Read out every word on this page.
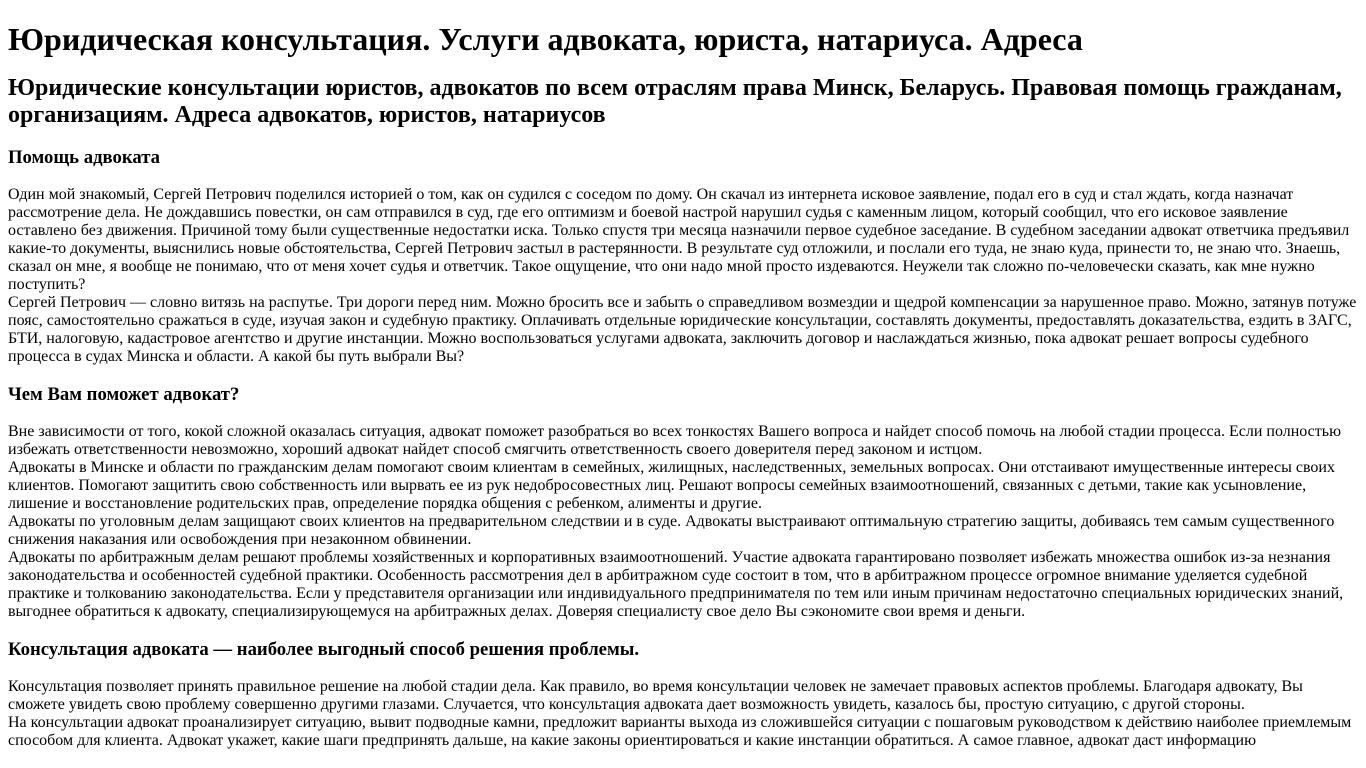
Юридическая консультация. Услуги адвоката, юриста, натариуса. Адреса
Юридические консультации юристов, адвокатов по всем отраслям права Минск, Беларусь. Правовая помощь гражданам, организациям. Адреса адвокатов, юристов, натариусов
Помощь адвоката

Один мой знакомый, Сергей Петрович поделился историей о том, как он судился с соседом по дому. Он скачал из интернета исковое заявление, подал его в суд и стал ждать, когда назначат рассмотрение дела. Не дождавшись повестки, он сам отправился в суд, где его оптимизм и боевой настрой нарушил судья с каменным лицом, который сообщил, что его исковое заявление оставлено без движения. Причиной тому были существенные недостатки иска. Только спустя три месяца назначили первое судебное заседание. В судебном заседании адвокат ответчика предъявил какие-то документы, выяснились новые обстоятельства, Сергей Петрович застыл в растерянности. В результате суд отложили, и послали его туда, не знаю куда, принести то, не знаю что. Знаешь, сказал он мне, я вообще не понимаю, что от меня хочет судья и ответчик. Такое ощущение, что они надо мной просто издеваются. Неужели так сложно по-человечески сказать, как мне нужно поступить?

Сергей Петрович — словно витязь на распутье. Три дороги перед ним. Можно бросить все и забыть о справедливом возмездии и щедрой компенсации за нарушенное право. Можно, затянув потуже пояс, самостоятельно сражаться в суде, изучая закон и судебную практику. Оплачивать отдельные юридические консультации, составлять документы, предоставлять доказательства, ездить в ЗАГС, БТИ, налоговую, кадастровое агентство и другие инстанции. Можно воспользоваться услугами адвоката, заключить договор и наслаждаться жизнью, пока адвокат решает вопросы судебного процесса в судах Минска и области. А какой бы путь выбрали Вы?

Чем Вам поможет адвокат?

Вне зависимости от того, кокой сложной оказалась ситуация, адвокат поможет разобраться во всех тонкостях Вашего вопроса и найдет способ помочь на любой стадии процесса. Если полностью избежать ответственности невозможно, хороший адвокат найдет способ смягчить ответственность своего доверителя перед законом и истцом.

Адвокаты в Минске и области по гражданским делам помогают своим клиентам в семейных, жилищных, наследственных, земельных вопросах. Они отстаивают имущественные интересы своих клиентов. Помогают защитить свою собственность или вырвать ее из рук недобросовестных лиц. Решают вопросы семейных взаимоотношений, связанных с детьми, такие как усыновление, лишение и восстановление родительских прав, определение порядка общения с ребенком, алименты и другие.

Адвокаты по уголовным делам защищают своих клиентов на предварительном следствии и в суде. Адвокаты выстраивают оптимальную стратегию защиты, добиваясь тем самым существенного снижения наказания или освобождения при незаконном обвинении.

Адвокаты по арбитражным делам решают проблемы хозяйственных и корпоративных взаимоотношений. Участие адвоката гарантировано позволяет избежать множества ошибок из-за незнания законодательства и особенностей судебной практики. Особенность рассмотрения дел в арбитражном суде состоит в том, что в арбитражном процессе огромное внимание уделяется судебной практике и толкованию законодательства. Если у представителя организации или индивидуального предпринимателя по тем или иным причинам недостаточно специальных юридических знаний, выгоднее обратиться к адвокату, специализирующемуся на арбитражных делах. Доверяя специалисту свое дело Вы сэкономите свои время и деньги.

Консультация адвоката — наиболее выгодный способ решения проблемы.

Консультация позволяет принять правильное решение на любой стадии дела. Как правило, во время консультации человек не замечает правовых аспектов проблемы. Благодаря адвокату, Вы сможете увидеть свою проблему совершенно другими глазами. Случается, что консультация адвоката дает возможность увидеть, казалось бы, простую ситуацию, с другой стороны.

На консультации адвокат проанализирует ситуацию, вывит подводные камни, предложит варианты выхода из сложившейся ситуации с пошаговым руководством к действию наиболее приемлемым способом для клиента. Адвокат укажет, какие шаги предпринять дальше, на какие законы ориентироваться и какие инстанции обратиться. А самое главное, адвокат даст информацию
